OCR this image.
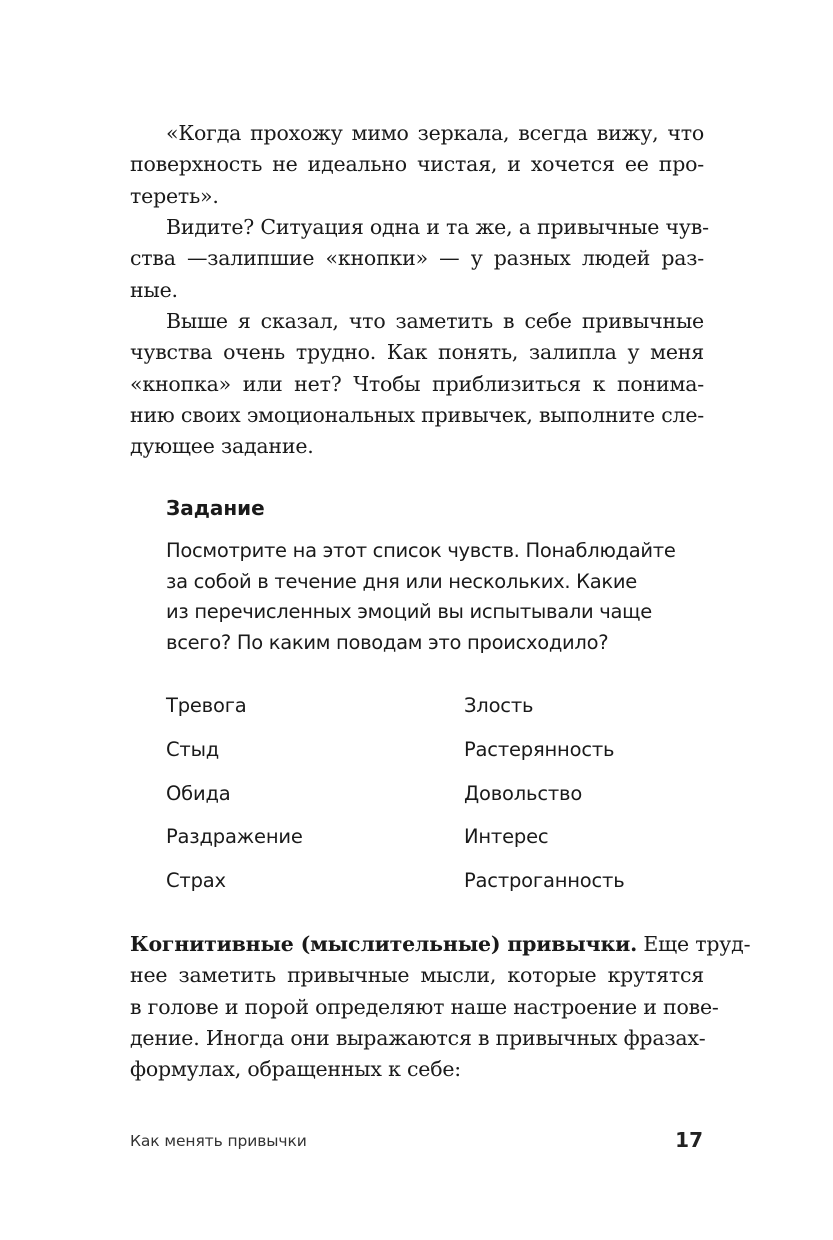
«Когда прохожу мимо зеркала, всегда вижу, что
поверхность не идеально чистая, и хочется ее про-
тереть».
Видите? Ситуация одна и та же, а привычные чув-
ства —залипшие «кнопки» — у разных людей раз-
ные.
Выше я сказал, что заметить в себе привычные
чувства очень трудно. Как понять, залипла у меня
«кнопка» или нет? Чтобы приблизиться к понима-
нию своих эмоциональных привычек, выполните сле-
дующее задание.
Задание
Посмотрите на этот список чувств. Понаблюдайте
за собой в течение дня или нескольких. Какие
из перечисленных эмоций вы испытывали чаще
всего? По каким поводам это происходило?
Тревога
Стыд
Обида
Раздражение
Страх
Злость
Растерянность
Довольство
Интерес
Растроганность
Когнитивные (мыслительные) привычки. Еще труд-
нее заметить привычные мысли, которые крутятся
в голове и порой определяют наше настроение и пове-
дение. Иногда они выражаются в привычных фразах-
формулах, обращенных к себе:
Как менять привычки	17
